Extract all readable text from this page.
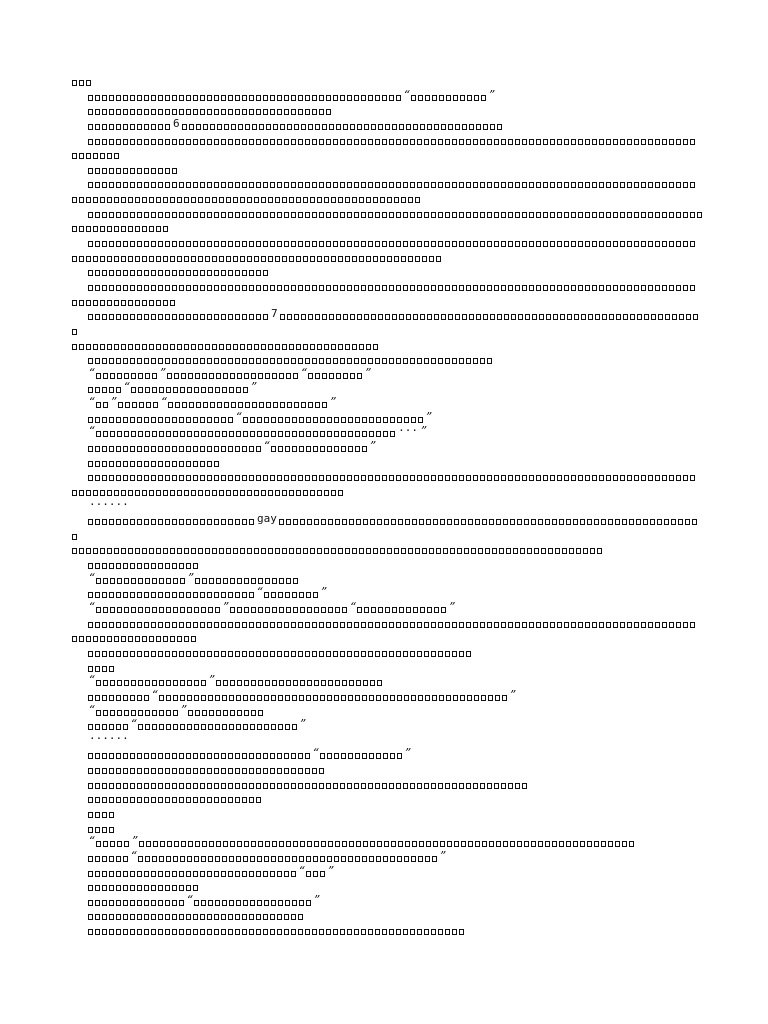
“	”
6
7
“	”	“	”
“	”
“ ”	“	”
“	”
“	··· ”
“	”
······
gay
“	”
“	”
“	”	“	”
“	”
“	”
“	”
“	”
······
“	”
“	”
“	”
“ ”
“	”
